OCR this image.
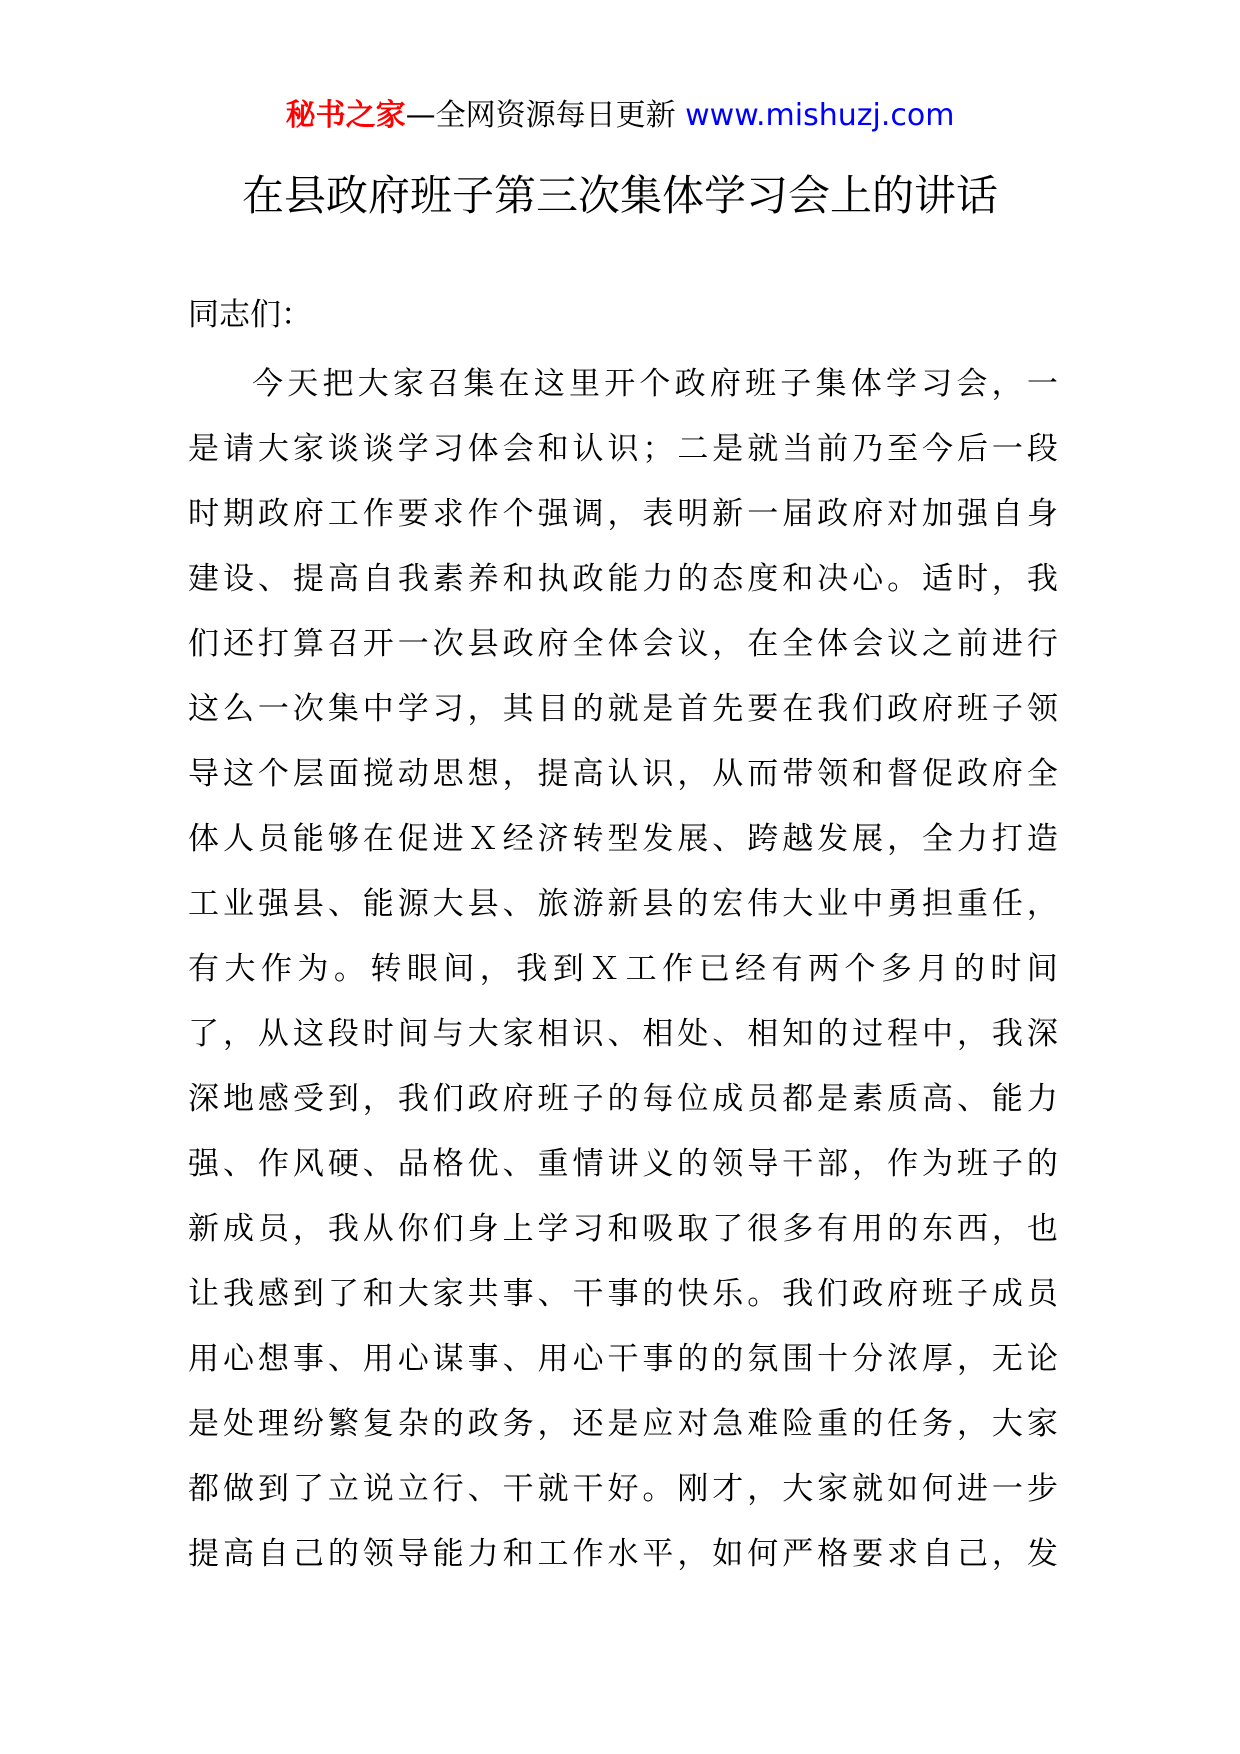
秘书之家—全网资源每日更新 www.mishuzj.com
在县政府班子第三次集体学习会上的讲话
同志们：
今 天 把 大 家 召 集 在 这 里 开 个 政 府 班 子 集 体 学 习 会 ， 一
是 请 大 家 谈 谈 学 习 体 会 和 认 识 ； 二 是 就 当 前 乃 至 今 后 一 段
时 期 政 府 工 作 要 求 作 个 强 调 ， 表 明 新 一 届 政 府 对 加 强 自 身
建 设 、 提 高 自 我 素 养 和 执 政 能 力 的 态 度 和 决 心 。 适 时 ， 我
们 还 打 算 召 开 一 次 县 政 府 全 体 会 议 ， 在 全 体 会 议 之 前 进 行
这 么 一 次 集 中 学 习 ， 其 目 的 就 是 首 先 要 在 我 们 政 府 班 子 领
导 这 个 层 面 搅 动 思 想 ， 提 高 认 识 ， 从 而 带 领 和 督 促 政 府 全
体 人 员 能 够 在 促 进 Ｘ 经 济 转 型 发 展 、 跨 越 发 展 ， 全 力 打 造
工 业 强 县 、 能 源 大 县 、 旅 游 新 县 的 宏 伟 大 业 中 勇 担 重 任 ，
有 大 作 为 。 转 眼 间 ， 我 到 Ｘ 工 作 已 经 有 两 个 多 月 的 时 间
了 ， 从 这 段 时 间 与 大 家 相 识 、 相 处 、 相 知 的 过 程 中 ， 我 深
深 地 感 受 到 ， 我 们 政 府 班 子 的 每 位 成 员 都 是 素 质 高 、 能 力
强 、 作 风 硬 、 品 格 优 、 重 情 讲 义 的 领 导 干 部 ， 作 为 班 子 的
新 成 员 ， 我 从 你 们 身 上 学 习 和 吸 取 了 很 多 有 用 的 东 西 ， 也
让 我 感 到 了 和 大 家 共 事 、 干 事 的 快 乐 。 我 们 政 府 班 子 成 员
用 心 想 事 、 用 心 谋 事 、 用 心 干 事 的 的 氛 围 十 分 浓 厚 ， 无 论
是 处 理 纷 繁 复 杂 的 政 务 ， 还 是 应 对 急 难 险 重 的 任 务 ， 大 家
都 做 到 了 立 说 立 行 、 干 就 干 好 。 刚 才 ， 大 家 就 如 何 进 一 步
提 高 自 己 的 领 导 能 力 和 工 作 水 平 ， 如 何 严 格 要 求 自 己 ， 发
